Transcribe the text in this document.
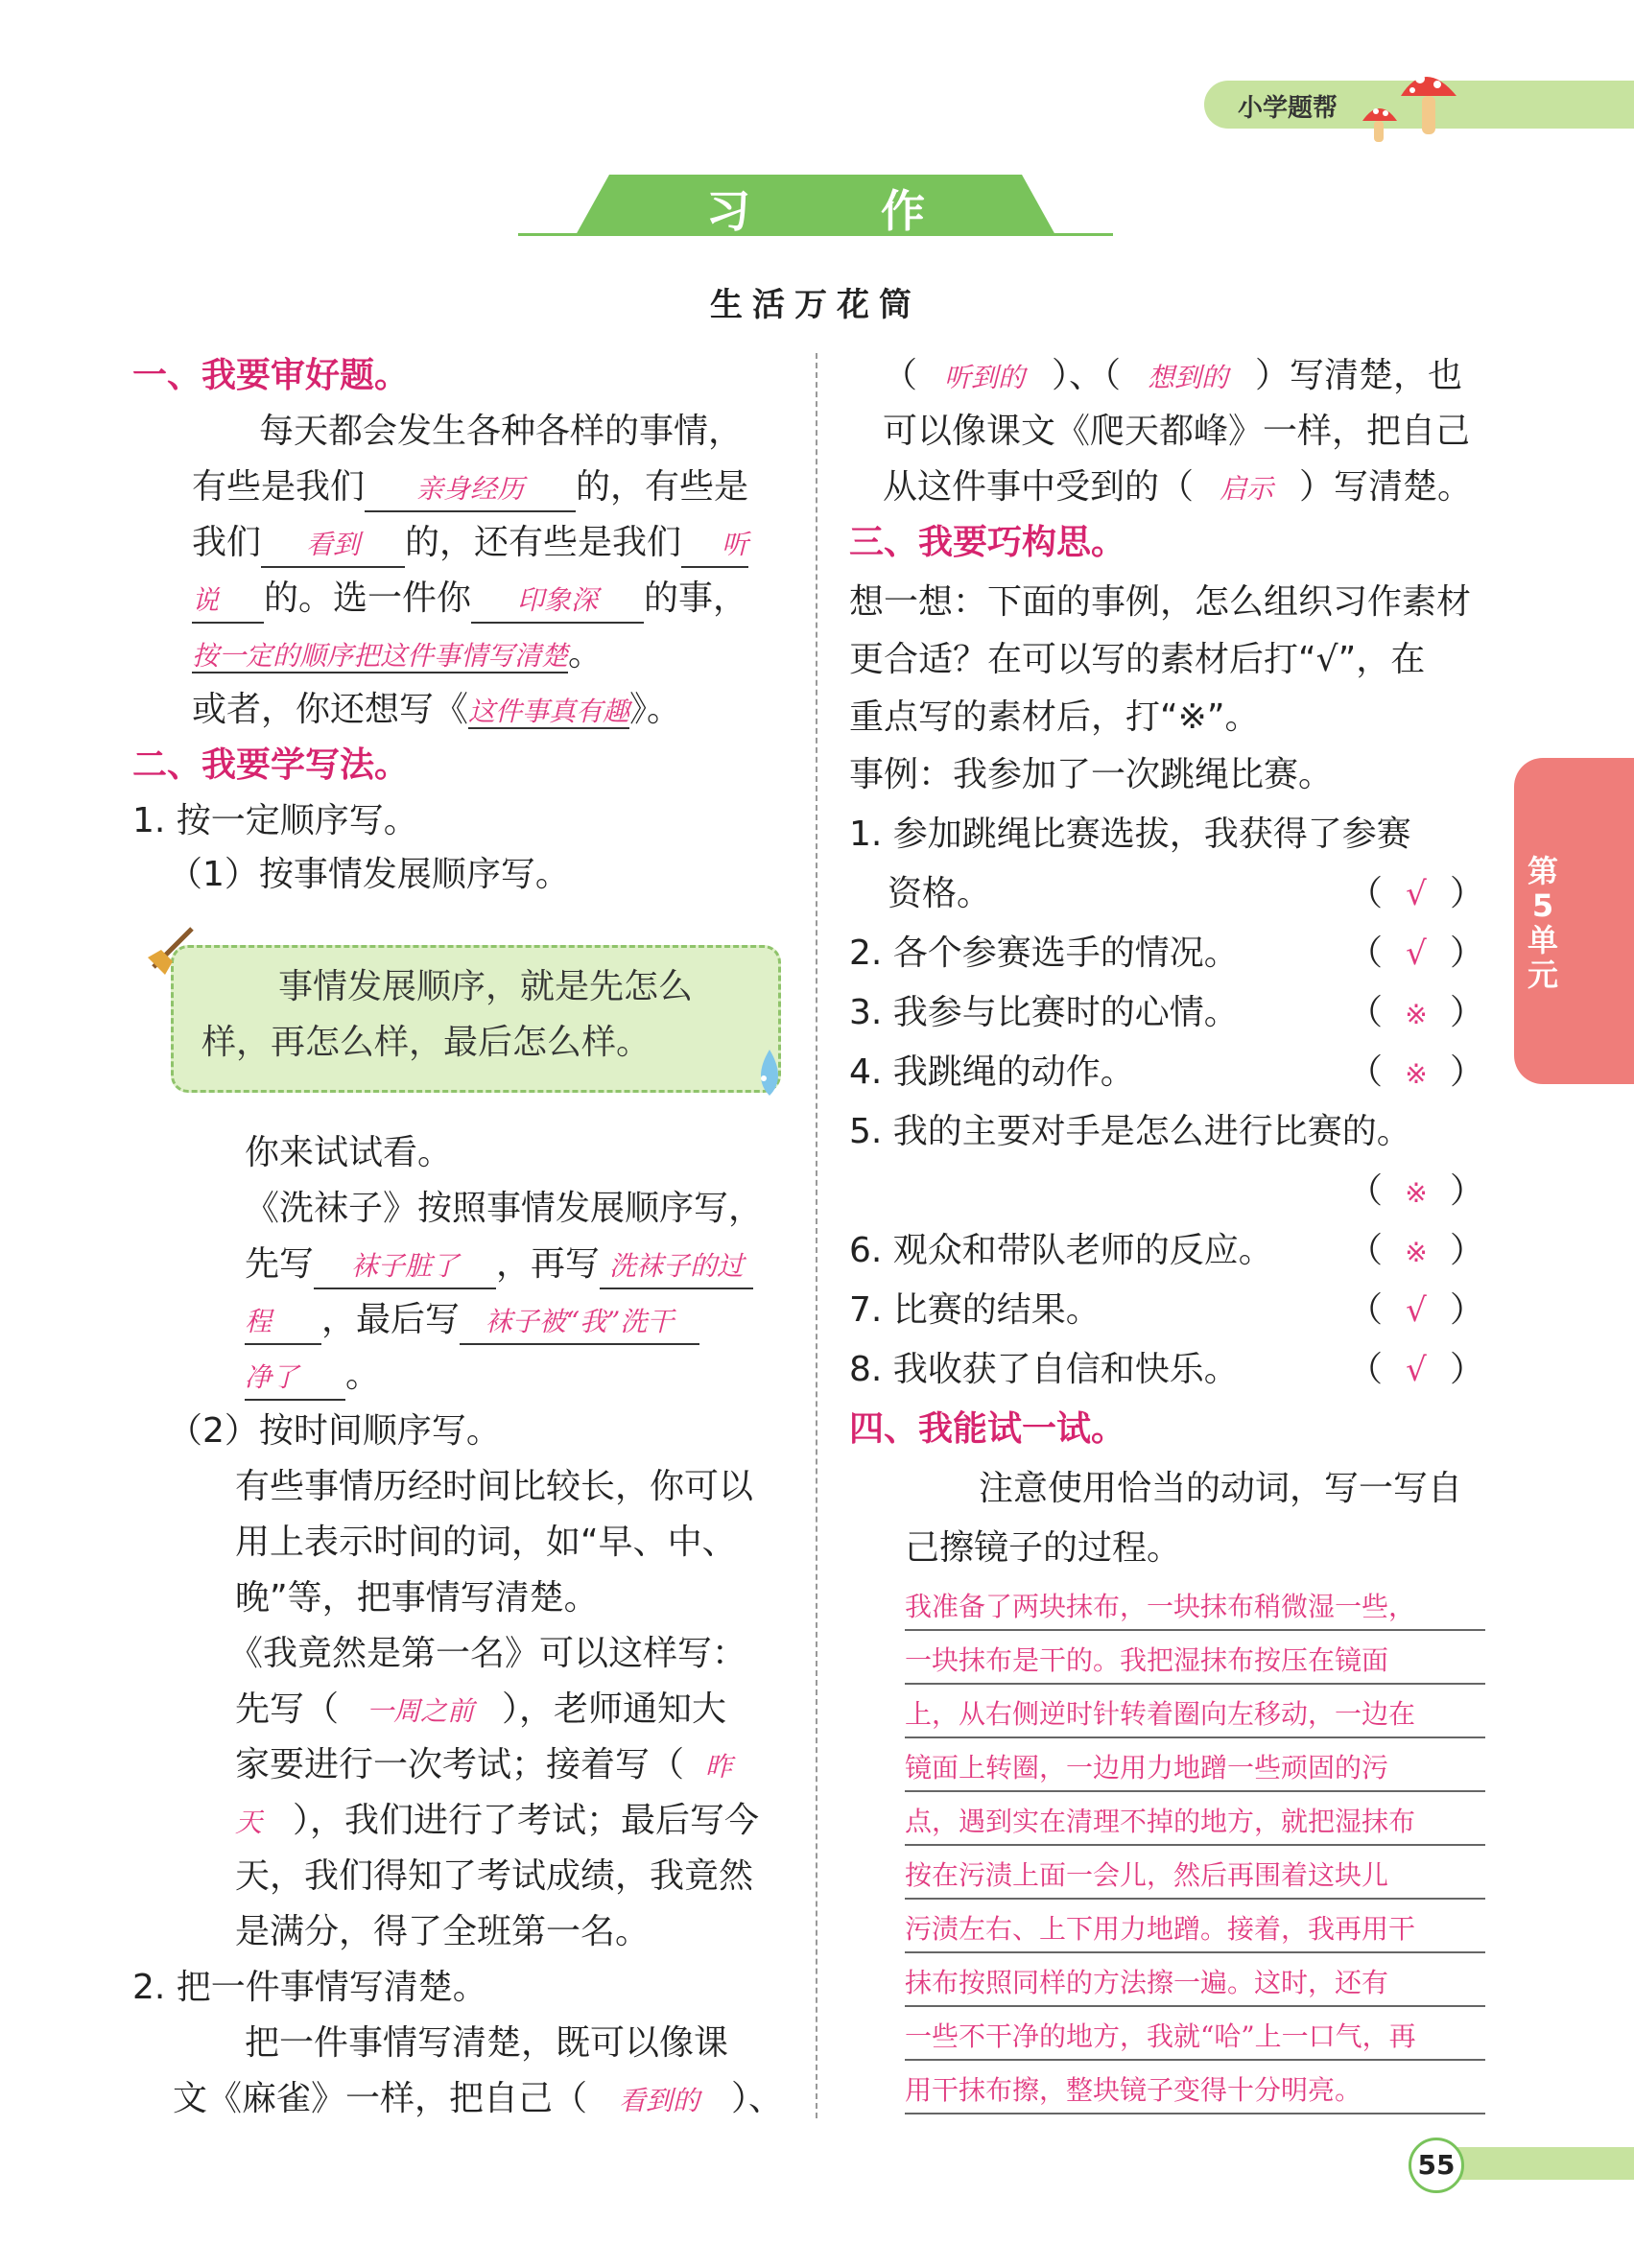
小学题帮
习 作
生活万花筒
一、我要审好题。
每天都会发生各种各样的事情，
有些是我们 亲身经历 的，有些是
我们 看到 的，还有些是我们 听
说 的。选一件你 印象深 的事，
按一定的顺序把这件事情写清楚。
或者，你还想写《这件事真有趣》。
二、我要学写法。
1. 按一定顺序写。
（1）按事情发展顺序写。
事情发展顺序，就是先怎么
样，再怎么样，最后怎么样。
你来试试看。
《洗袜子》按照事情发展顺序写，
先写 袜子脏了 ，再写 洗袜子的过
程 ，最后写 袜子被“我”洗干
净了 。
（2）按时间顺序写。
有些事情历经时间比较长，你可以
用上表示时间的词，如“早、中、
晚”等，把事情写清楚。
《我竟然是第一名》可以这样写：
先写（ 一周之前 ），老师通知大
家要进行一次考试；接着写（ 昨
天 ），我们进行了考试；最后写今
天，我们得知了考试成绩，我竟然
是满分，得了全班第一名。
2. 把一件事情写清楚。
把一件事情写清楚，既可以像课
文《麻雀》一样，把自己（ 看到的 ）、
（ 听到的 ）、（ 想到的 ）写清楚，也
可以像课文《爬天都峰》一样，把自己
从这件事中受到的（ 启示 ）写清楚。
三、我要巧构思。
想一想：下面的事例，怎么组织习作素材
更合适？在可以写的素材后打“√”，在
重点写的素材后，打“※”。
事例：我参加了一次跳绳比赛。
1. 参加跳绳比赛选拔，我获得了参赛
资格。
2. 各个参赛选手的情况。
3. 我参与比赛时的心情。
4. 我跳绳的动作。
5. 我的主要对手是怎么进行比赛的。
6. 观众和带队老师的反应。
7. 比赛的结果。
8. 我收获了自信和快乐。
（ √ ）
（ √ ）
（ ※ ）
（ ※ ）
（ ※ ）
（ ※ ）
（ √ ）
（ √ ）
四、我能试一试。
注意使用恰当的动词，写一写自
己擦镜子的过程。
我准备了两块抹布，一块抹布稍微湿一些，
一块抹布是干的。我把湿抹布按压在镜面
上，从右侧逆时针转着圈向左移动，一边在
镜面上转圈，一边用力地蹭一些顽固的污
点，遇到实在清理不掉的地方，就把湿抹布
按在污渍上面一会儿，然后再围着这块儿
污渍左右、上下用力地蹭。接着，我再用干
抹布按照同样的方法擦一遍。这时，还有
一些不干净的地方，我就“哈”上一口气，再
用干抹布擦，整块镜子变得十分明亮。
第
5
单
元
55
